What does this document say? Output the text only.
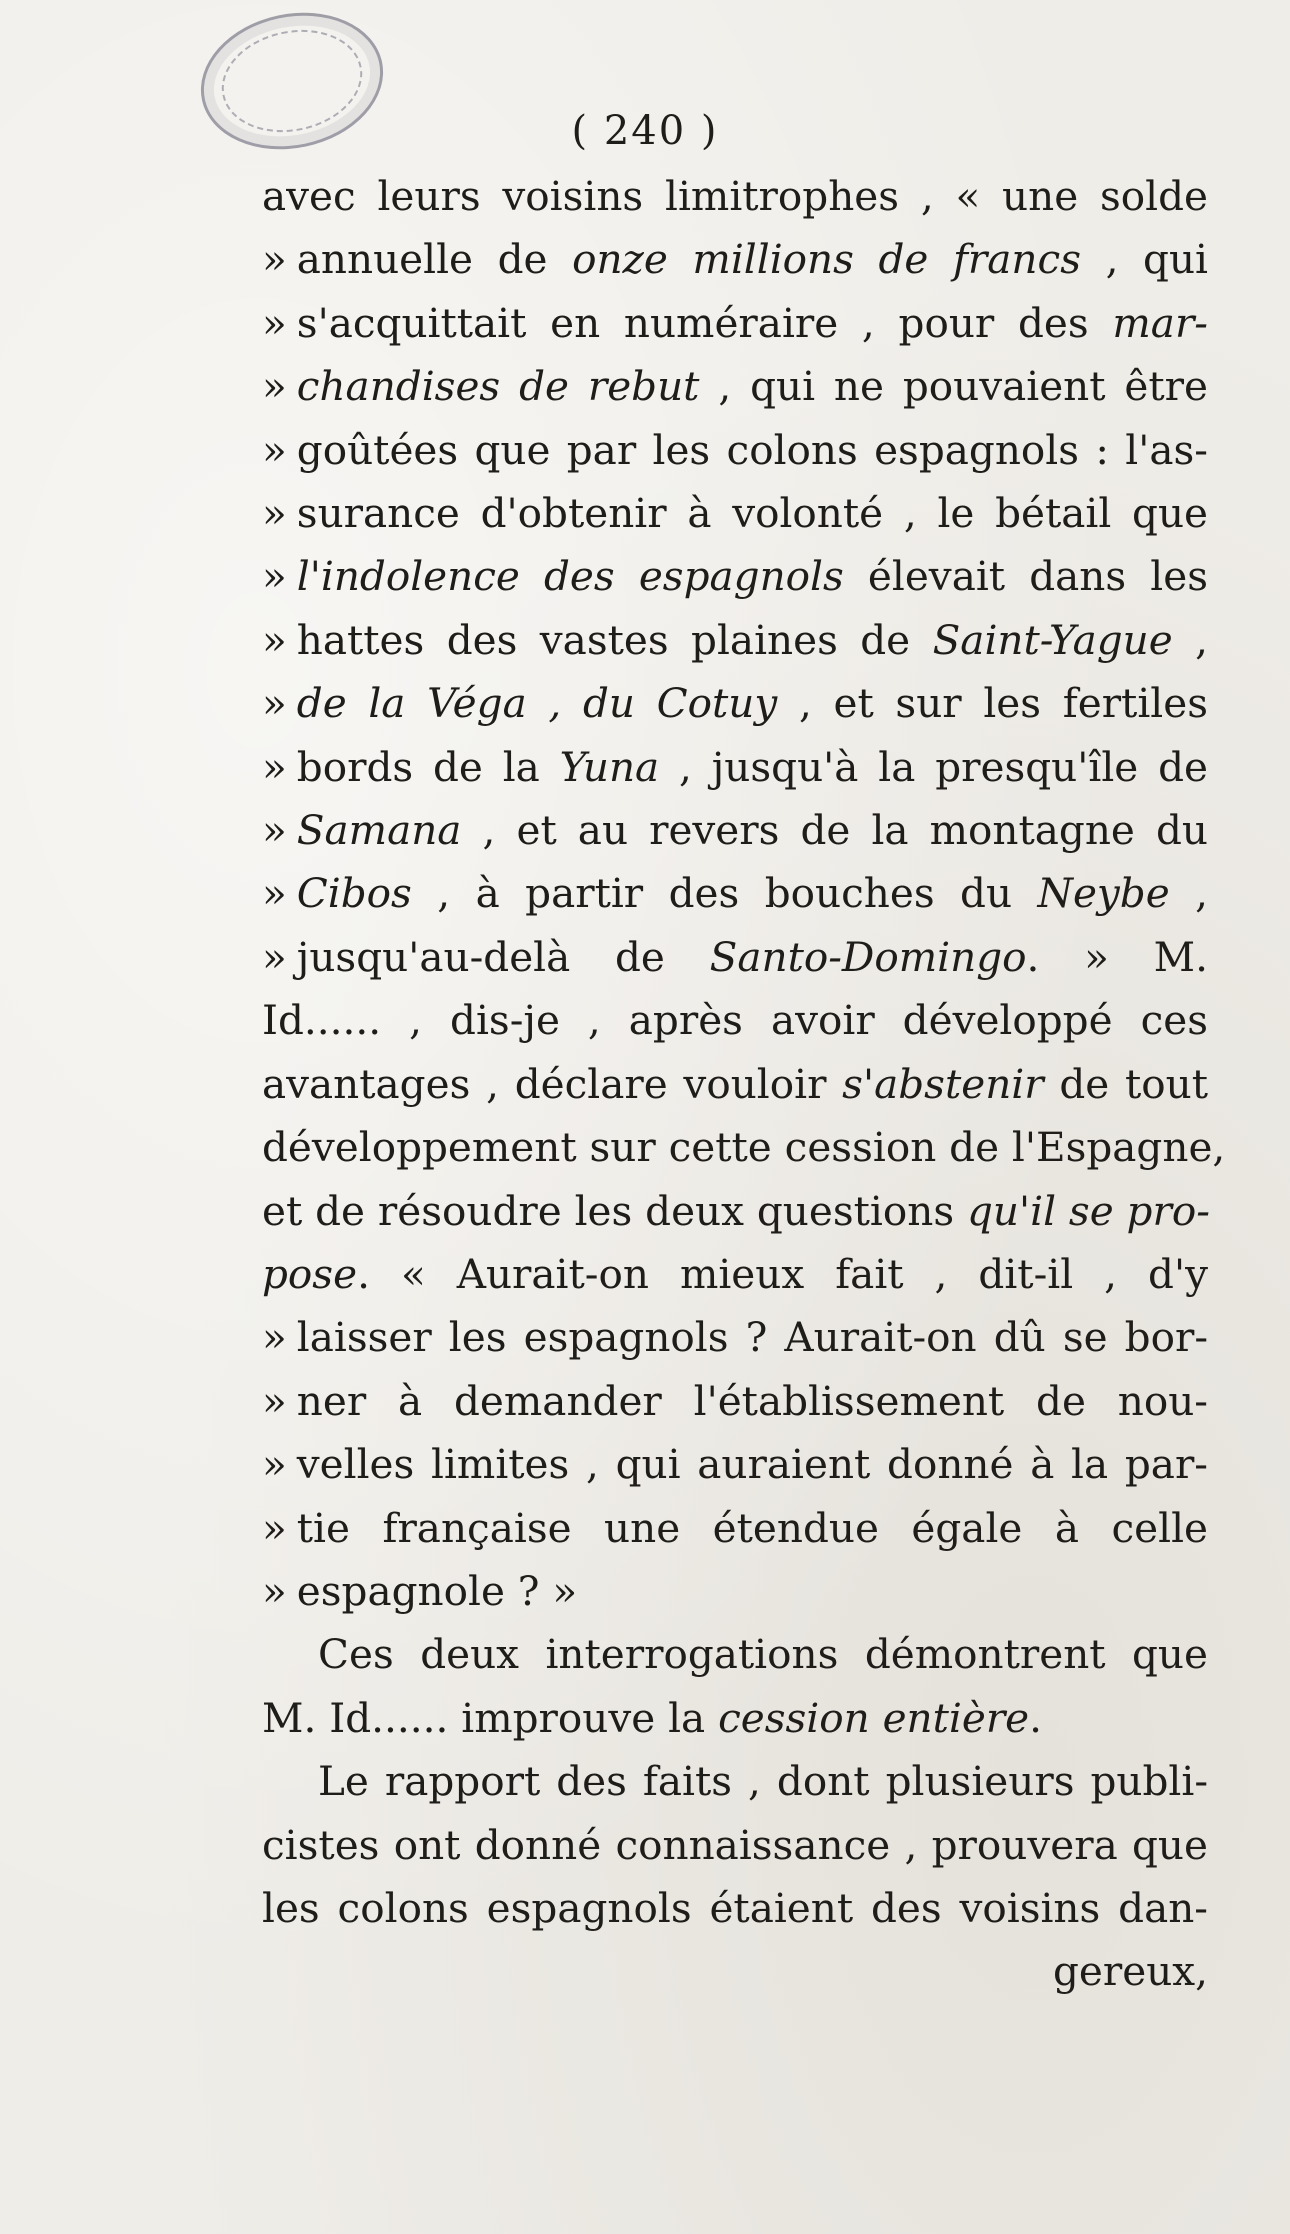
( 240 )
avec leurs voisins limitrophes , « une solde
» annuelle de onze millions de francs , qui
» s'acquittait en numéraire , pour des mar-
» chandises de rebut , qui ne pouvaient être
» goûtées que par les colons espagnols : l'as-
» surance d'obtenir à volonté , le bétail que
» l'indolence des espagnols élevait dans les
» hattes des vastes plaines de Saint-Yague ,
» de la Véga , du Cotuy , et sur les fertiles
» bords de la Yuna , jusqu'à la presqu'île de
» Samana , et au revers de la montagne du
» Cibos , à partir des bouches du Neybe ,
» jusqu'au-delà de Santo-Domingo. » M.
Id...... , dis-je , après avoir développé ces
avantages , déclare vouloir s'abstenir de tout
développement sur cette cession de l'Espagne,
et de résoudre les deux questions qu'il se pro-
pose. « Aurait-on mieux fait , dit-il , d'y
» laisser les espagnols ? Aurait-on dû se bor-
» ner à demander l'établissement de nou-
» velles limites , qui auraient donné à la par-
» tie française une étendue égale à celle
» espagnole ? »
Ces deux interrogations démontrent que
M. Id...... improuve la cession entière.
Le rapport des faits , dont plusieurs publi-
cistes ont donné connaissance , prouvera que
les colons espagnols étaient des voisins dan-
gereux,
